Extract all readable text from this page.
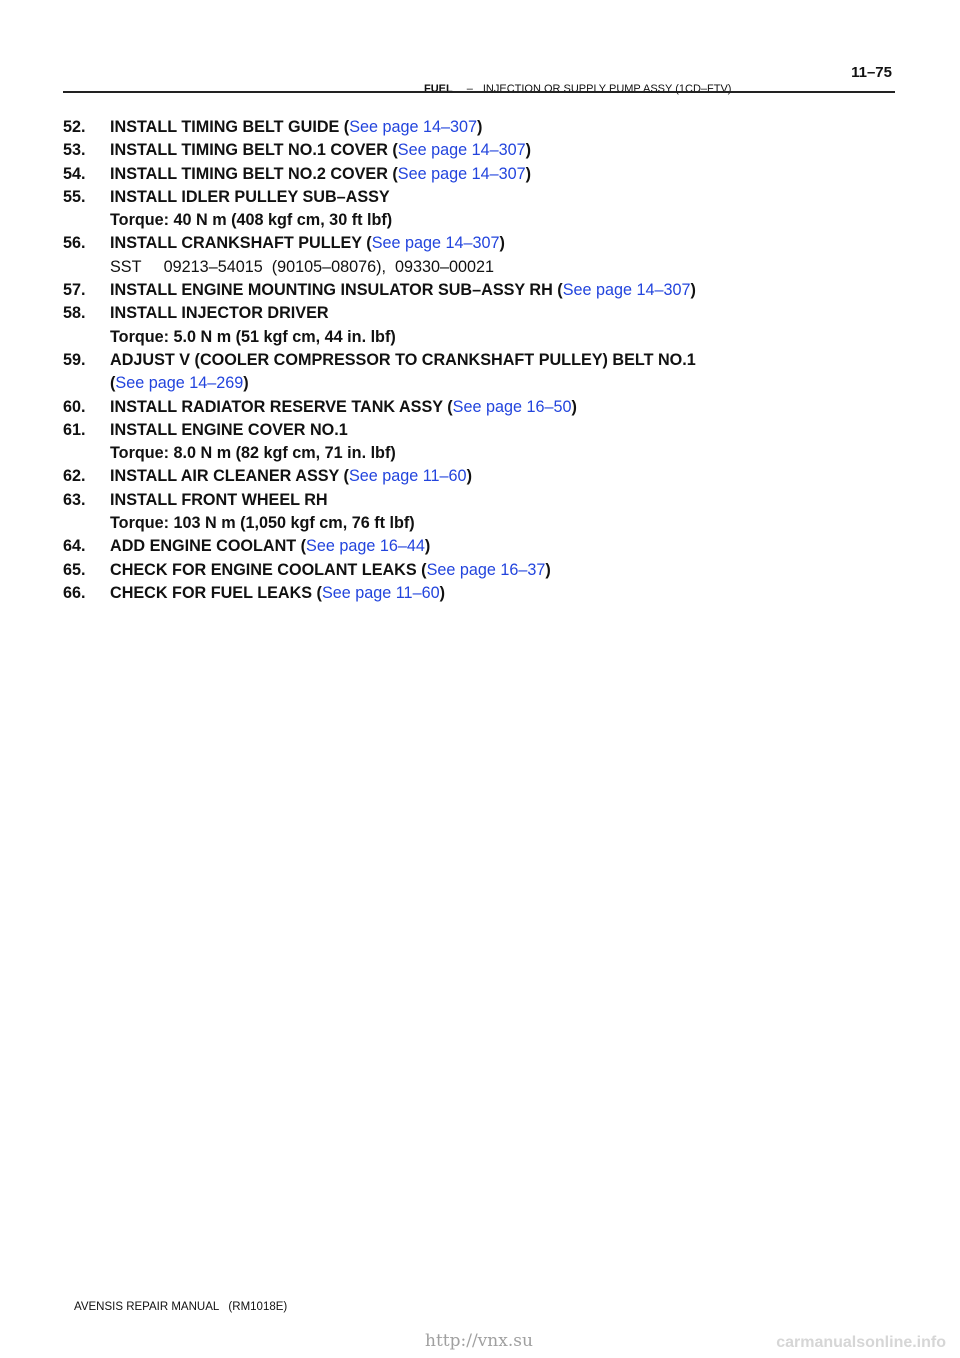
11–75
FUEL – INJECTION OR SUPPLY PUMP ASSY (1CD–FTV)
52.	INSTALL TIMING BELT GUIDE (See page 14–307)
53.	INSTALL TIMING BELT NO.1 COVER (See page 14–307)
54.	INSTALL TIMING BELT NO.2 COVER (See page 14–307)
55.	INSTALL IDLER PULLEY SUB–ASSY
Torque: 40 N m (408 kgf cm, 30 ft lbf)
56.	INSTALL CRANKSHAFT PULLEY (See page 14–307)
SST     09213–54015  (90105–08076),  09330–00021
57.	INSTALL ENGINE MOUNTING INSULATOR SUB–ASSY RH (See page 14–307)
58.	INSTALL INJECTOR DRIVER
Torque: 5.0 N m (51 kgf cm, 44 in. lbf)
59.	ADJUST V (COOLER COMPRESSOR TO CRANKSHAFT PULLEY) BELT NO.1
(See page 14–269)
60.	INSTALL RADIATOR RESERVE TANK ASSY (See page 16–50)
61.	INSTALL ENGINE COVER NO.1
Torque: 8.0 N m (82 kgf cm, 71 in. lbf)
62.	INSTALL AIR CLEANER ASSY (See page 11–60)
63.	INSTALL FRONT WHEEL RH
Torque: 103 N m (1,050 kgf cm, 76 ft lbf)
64.	ADD ENGINE COOLANT (See page 16–44)
65.	CHECK FOR ENGINE COOLANT LEAKS (See page 16–37)
66.	CHECK FOR FUEL LEAKS (See page 11–60)
AVENSIS REPAIR MANUAL   (RM1018E)
http://vnx.su	carmanualsonline.info
